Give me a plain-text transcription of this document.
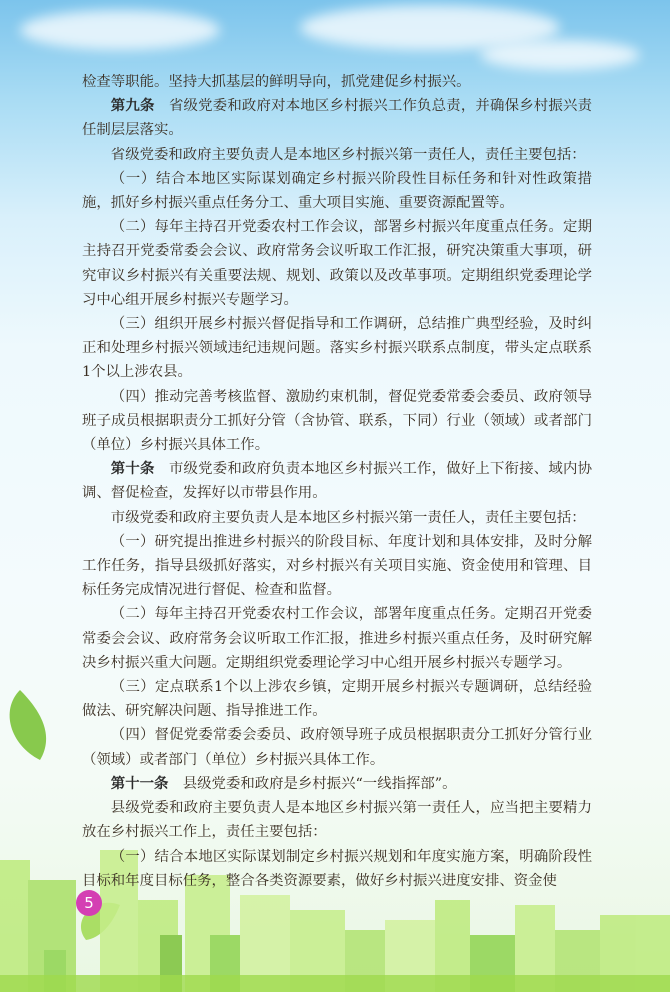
检查等职能。坚持大抓基层的鲜明导向，抓党建促乡村振兴。

第九条 省级党委和政府对本地区乡村振兴工作负总责，并确保乡村振兴责任制层层落实。

省级党委和政府主要负责人是本地区乡村振兴第一责任人，责任主要包括：

（一）结合本地区实际谋划确定乡村振兴阶段性目标任务和针对性政策措施，抓好乡村振兴重点任务分工、重大项目实施、重要资源配置等。

（二）每年主持召开党委农村工作会议，部署乡村振兴年度重点任务。定期主持召开党委常委会会议、政府常务会议听取工作汇报，研究决策重大事项，研究审议乡村振兴有关重要法规、规划、政策以及改革事项。定期组织党委理论学习中心组开展乡村振兴专题学习。

（三）组织开展乡村振兴督促指导和工作调研，总结推广典型经验，及时纠正和处理乡村振兴领域违纪违规问题。落实乡村振兴联系点制度，带头定点联系1个以上涉农县。

（四）推动完善考核监督、激励约束机制，督促党委常委会委员、政府领导班子成员根据职责分工抓好分管（含协管、联系，下同）行业（领域）或者部门（单位）乡村振兴具体工作。

第十条 市级党委和政府负责本地区乡村振兴工作，做好上下衔接、域内协调、督促检查，发挥好以市带县作用。

市级党委和政府主要负责人是本地区乡村振兴第一责任人，责任主要包括：

（一）研究提出推进乡村振兴的阶段目标、年度计划和具体安排，及时分解工作任务，指导县级抓好落实，对乡村振兴有关项目实施、资金使用和管理、目标任务完成情况进行督促、检查和监督。

（二）每年主持召开党委农村工作会议，部署年度重点任务。定期召开党委常委会会议、政府常务会议听取工作汇报，推进乡村振兴重点任务，及时研究解决乡村振兴重大问题。定期组织党委理论学习中心组开展乡村振兴专题学习。

（三）定点联系1个以上涉农乡镇，定期开展乡村振兴专题调研，总结经验做法、研究解决问题、指导推进工作。

（四）督促党委常委会委员、政府领导班子成员根据职责分工抓好分管行业（领域）或者部门（单位）乡村振兴具体工作。

第十一条 县级党委和政府是乡村振兴“一线指挥部”。

县级党委和政府主要负责人是本地区乡村振兴第一责任人，应当把主要精力放在乡村振兴工作上，责任主要包括：

（一）结合本地区实际谋划制定乡村振兴规划和年度实施方案，明确阶段性目标和年度目标任务，整合各类资源要素，做好乡村振兴进度安排、资金使

5
